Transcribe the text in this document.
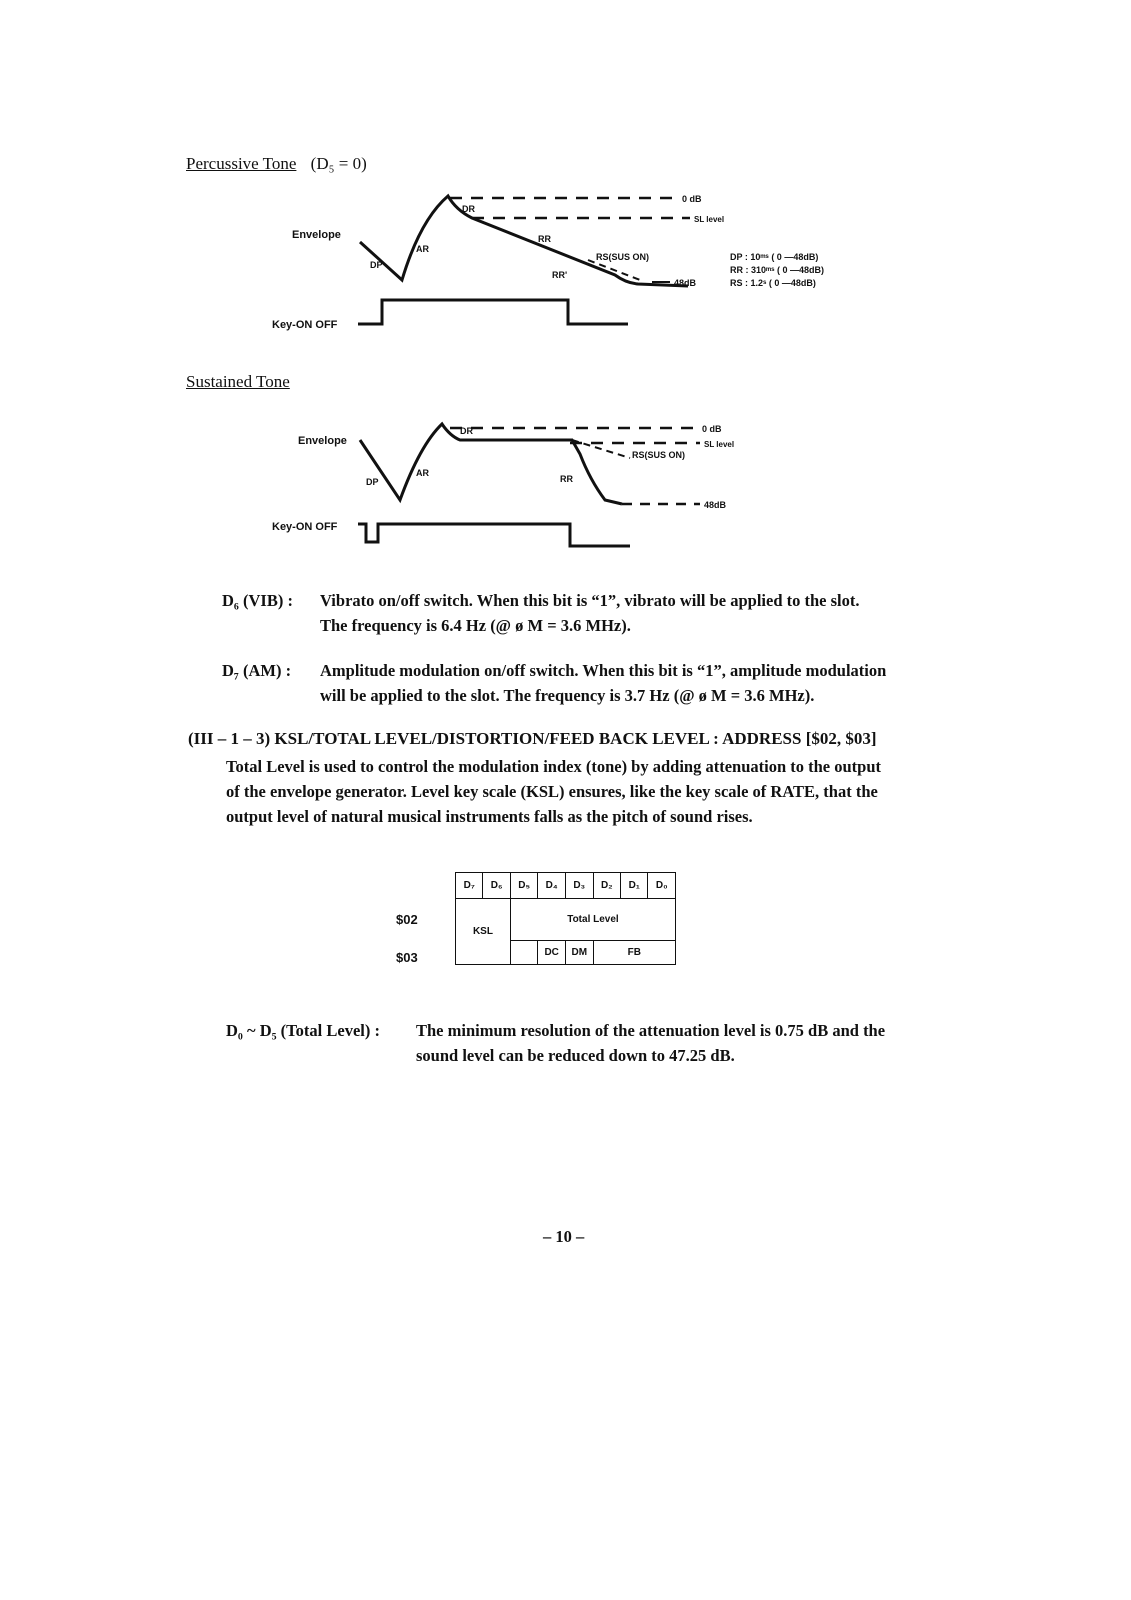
Percussive Tone (D₅ = 0)
0 dB
SL level
48dB
DR
RR
AR
DP
RS(SUS ON)
RR'
Envelope
Key-ON OFF
DP : 10ᵐˢ ( 0 —48dB)
RR : 310ᵐˢ ( 0 —48dB)
RS : 1.2ˢ ( 0 —48dB)
Sustained Tone
0 dB
SL level
48dB
DR
RS(SUS ON)
RR
AR
DP
Envelope
Key-ON OFF
D₆ (VIB) : Vibrato on/off switch. When this bit is “1”, vibrato will be applied to the slot.
The frequency is 6.4 Hz (@ ø M = 3.6 MHz).
D₇ (AM) : Amplitude modulation on/off switch. When this bit is “1”, amplitude modulation
will be applied to the slot. The frequency is 3.7 Hz (@ ø M = 3.6 MHz).
(III – 1 – 3) KSL/TOTAL LEVEL/DISTORTION/FEED BACK LEVEL : ADDRESS [$02, $03]
Total Level is used to control the modulation index (tone) by adding attenuation to the output
of the envelope generator. Level key scale (KSL) ensures, like the key scale of RATE, that the
output level of natural musical instruments falls as the pitch of sound rises.
$02
$03
D₇	D₆	D₅	D₄	D₃	D₂	D₁	D₀
KSL		Total Level					
			DC	DM	FB		
D₀ ~ D₅ (Total Level) : The minimum resolution of the attenuation level is 0.75 dB and the
sound level can be reduced down to 47.25 dB.
– 10 –
